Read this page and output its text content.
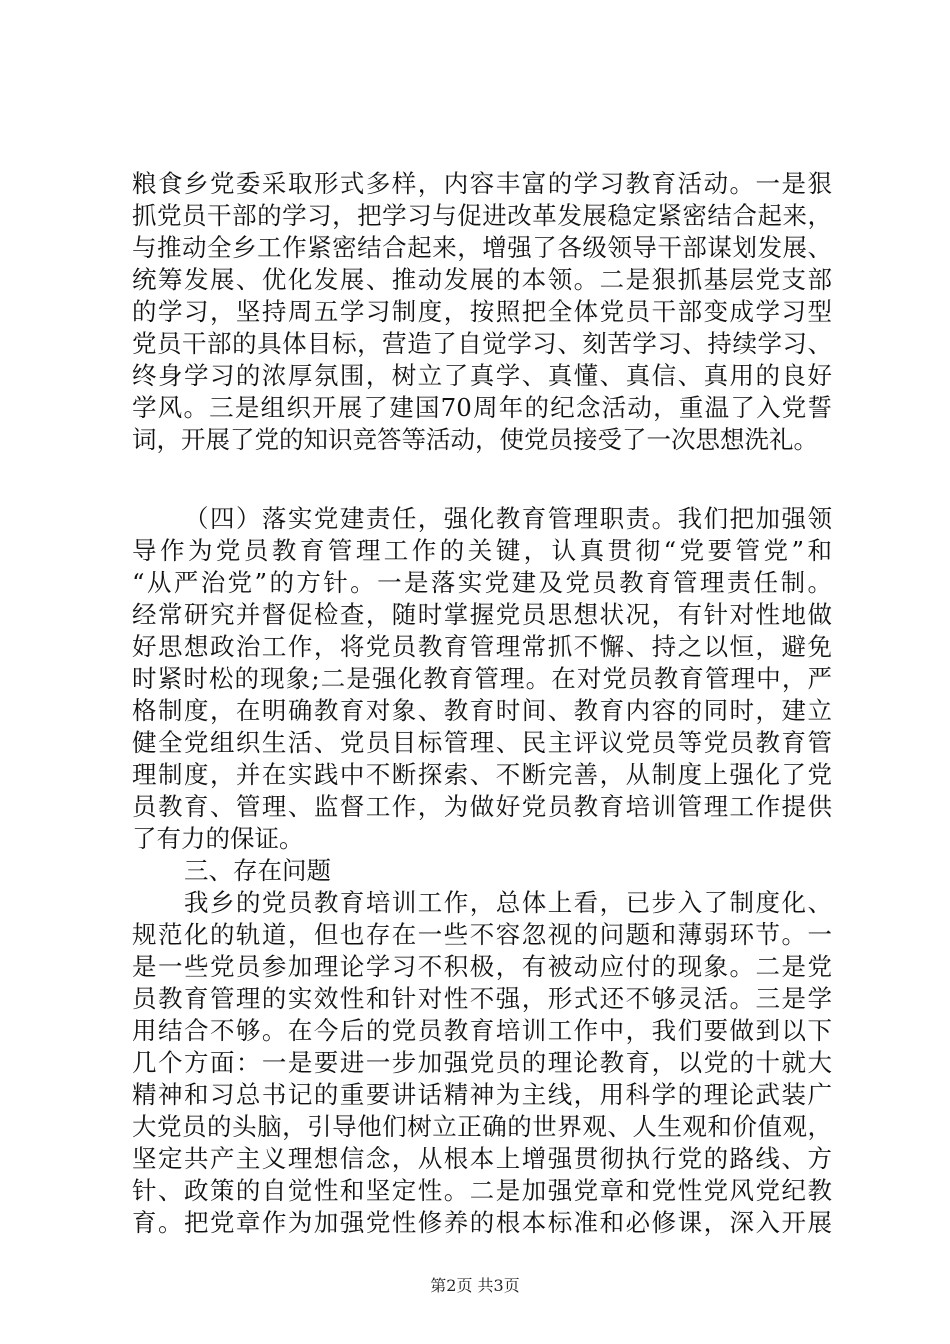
粮食乡党委采取形式多样，内容丰富的学习教育活动。一是狠
抓党员干部的学习，把学习与促进改革发展稳定紧密结合起来，
与推动全乡工作紧密结合起来，增强了各级领导干部谋划发展、
统筹发展、优化发展、推动发展的本领。二是狠抓基层党支部
的学习，坚持周五学习制度，按照把全体党员干部变成学习型
党员干部的具体目标，营造了自觉学习、刻苦学习、持续学习、
终身学习的浓厚氛围，树立了真学、真懂、真信、真用的良好
学风。三是组织开展了建国70周年的纪念活动，重温了入党誓
词，开展了党的知识竞答等活动，使党员接受了一次思想洗礼。
（四）落实党建责任，强化教育管理职责。我们把加强领
导作为党员教育管理工作的关键，认真贯彻“党要管党”和
“从严治党”的方针。一是落实党建及党员教育管理责任制。
经常研究并督促检查，随时掌握党员思想状况，有针对性地做
好思想政治工作，将党员教育管理常抓不懈、持之以恒，避免
时紧时松的现象;二是强化教育管理。在对党员教育管理中，严
格制度，在明确教育对象、教育时间、教育内容的同时，建立
健全党组织生活、党员目标管理、民主评议党员等党员教育管
理制度，并在实践中不断探索、不断完善，从制度上强化了党
员教育、管理、监督工作，为做好党员教育培训管理工作提供
了有力的保证。
三、存在问题
我乡的党员教育培训工作，总体上看，已步入了制度化、
规范化的轨道，但也存在一些不容忽视的问题和薄弱环节。一
是一些党员参加理论学习不积极，有被动应付的现象。二是党
员教育管理的实效性和针对性不强，形式还不够灵活。三是学
用结合不够。在今后的党员教育培训工作中，我们要做到以下
几个方面：一是要进一步加强党员的理论教育，以党的十就大
精神和习总书记的重要讲话精神为主线，用科学的理论武装广
大党员的头脑，引导他们树立正确的世界观、人生观和价值观，
坚定共产主义理想信念，从根本上增强贯彻执行党的路线、方
针、政策的自觉性和坚定性。二是加强党章和党性党风党纪教
育。把党章作为加强党性修养的根本标准和必修课，深入开展
第2页 共3页
